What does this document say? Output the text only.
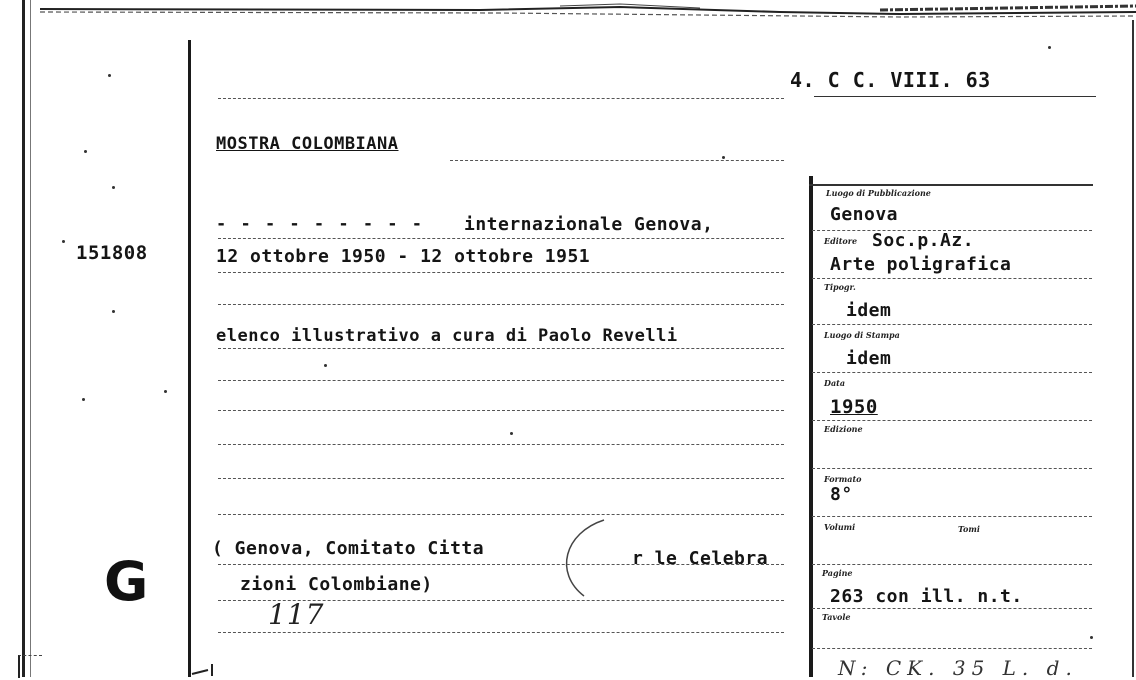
151808
G
4. C C. VIII. 63
MOSTRA COLOMBIANA
- - - - - - - - - internazionale Genova,
12 ottobre 1950 - 12 ottobre 1951
elenco illustrativo a cura di Paolo Revelli
( Genova, Comitato Citta	r le Celebra
zioni Colombiane)
117
N: CK. 35 L. d.
Luogo di Pubblicazione
Genova
Editore Soc.p.Az.
Arte poligrafica
Tipogr.
idem
Luogo di Stampa
idem
Data
1950
Edizione
Formato
8°
Volumi	Tomi
Pagine
263 con ill. n.t.
Tavole
